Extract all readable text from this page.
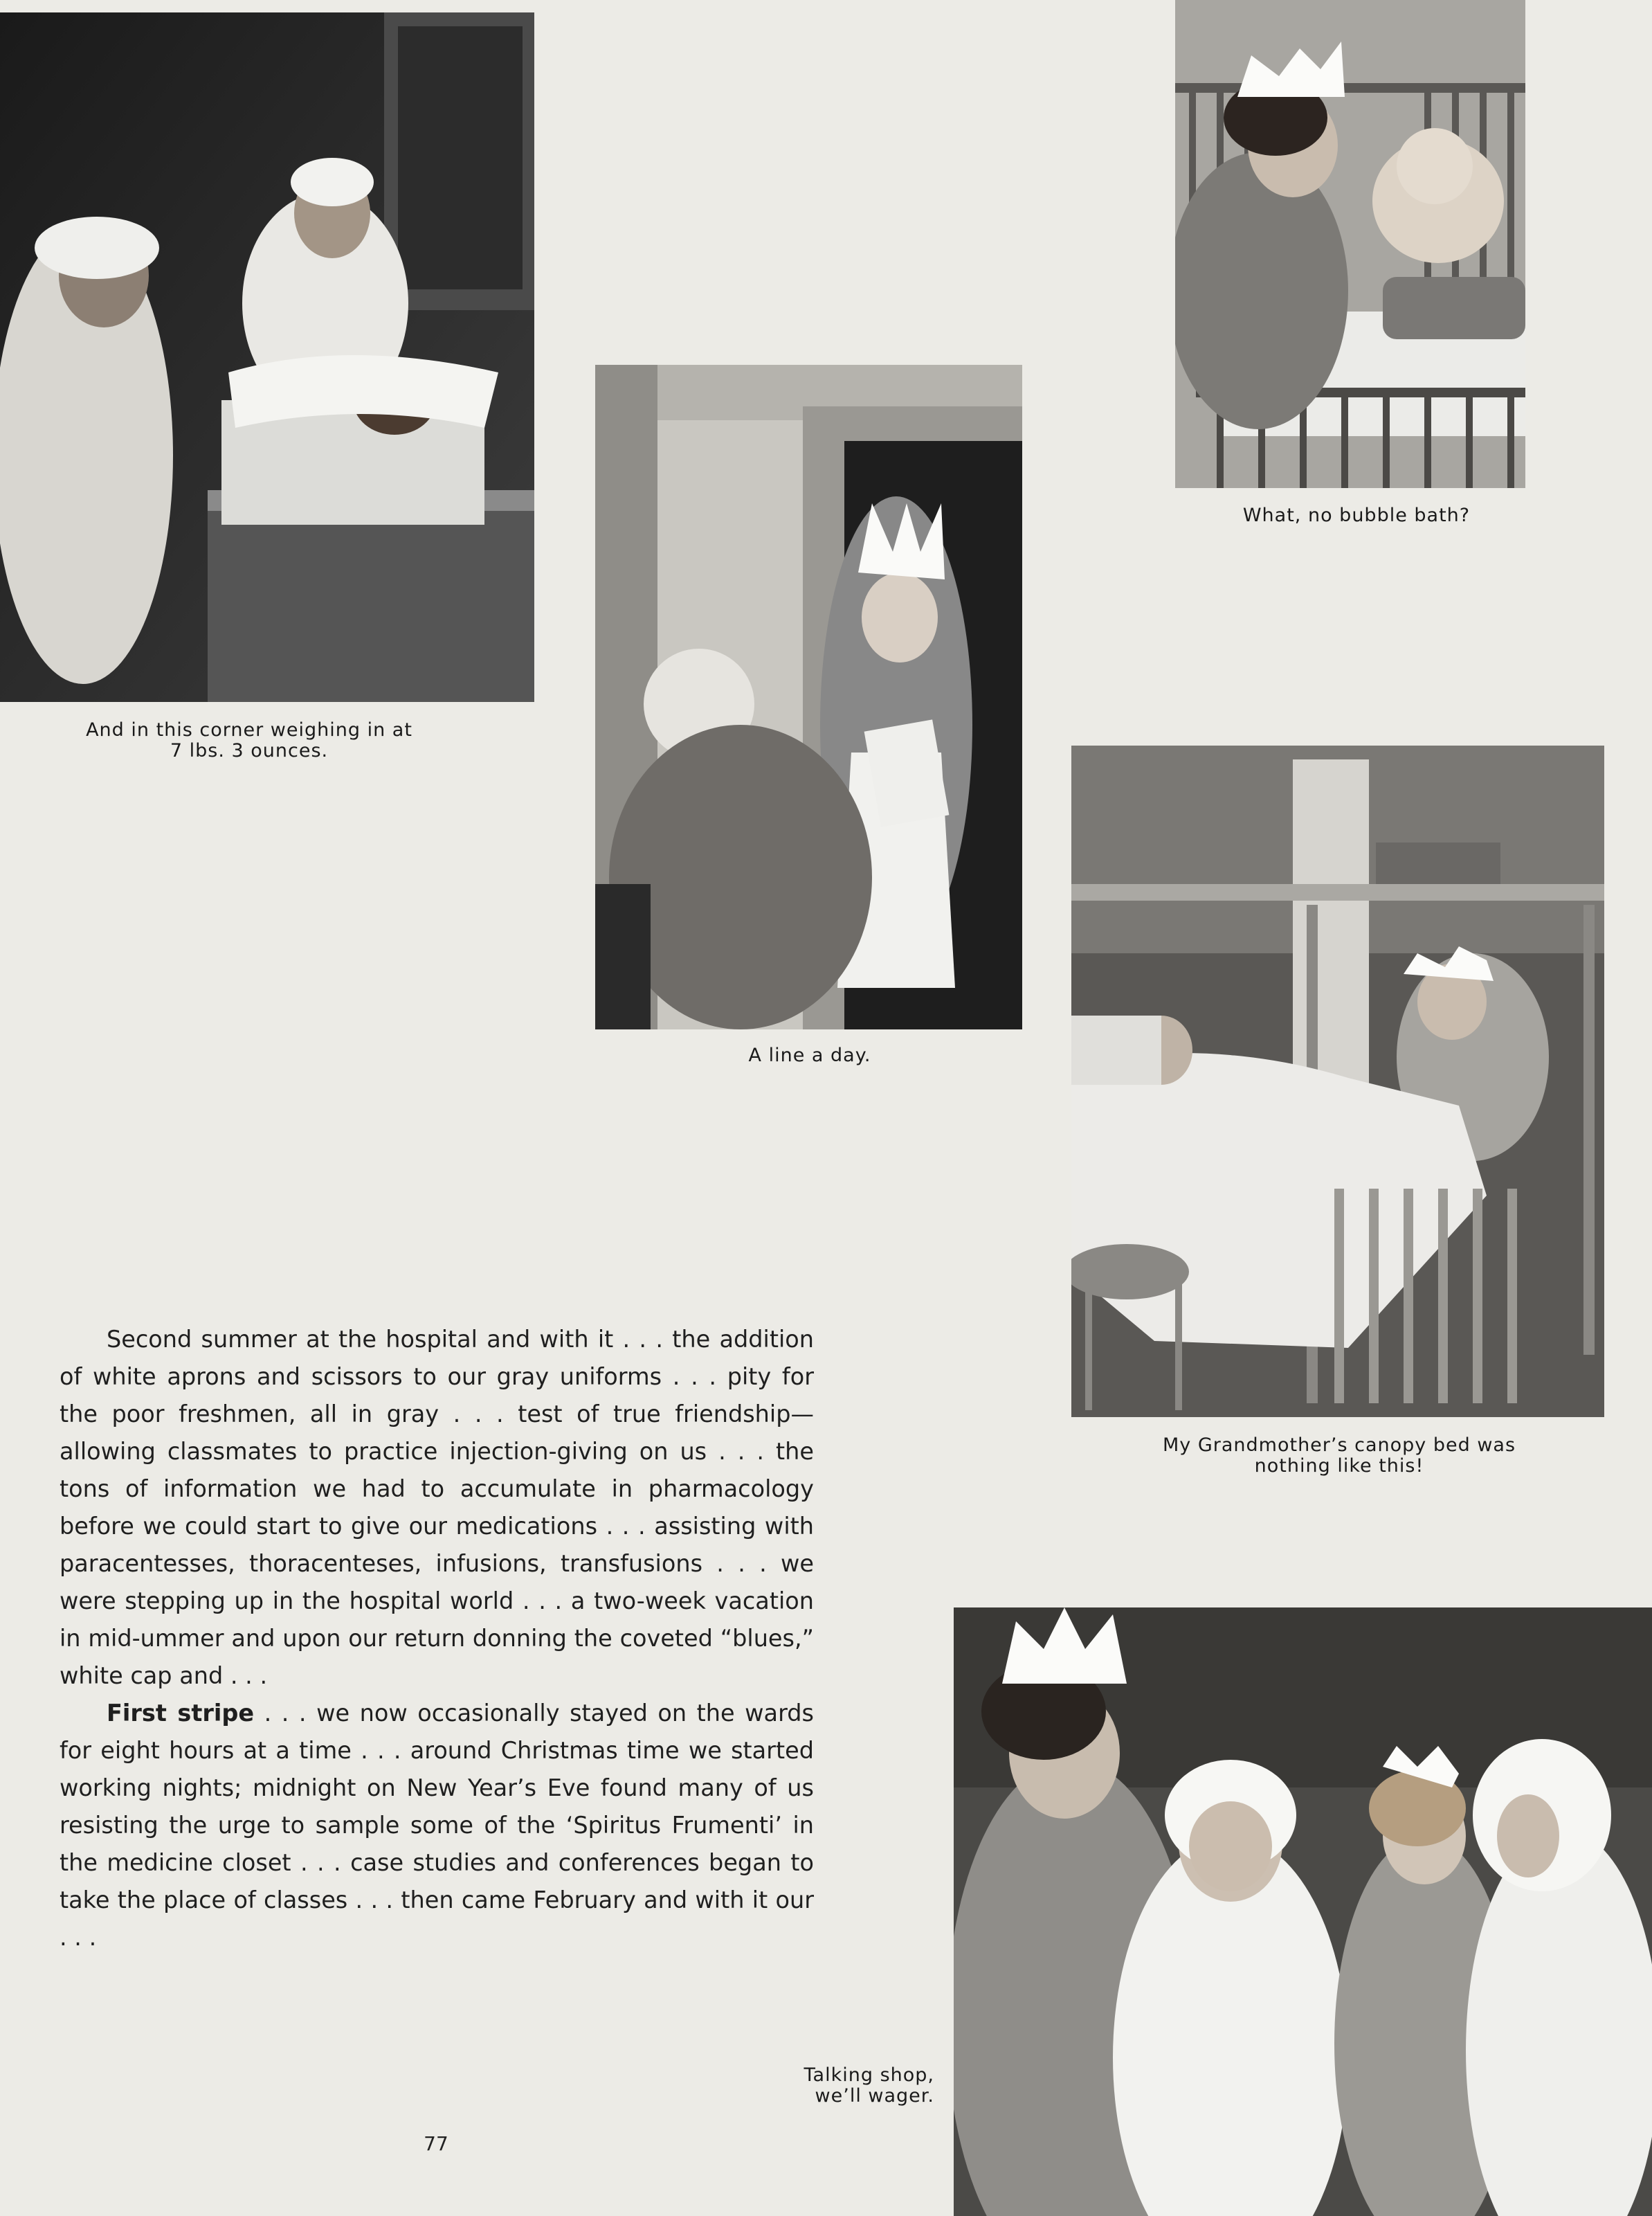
And in this corner weighing in at
7 lbs. 3 ounces.
A line a day.
What, no bubble bath?
My Grandmother’s canopy bed was
nothing like this!
Talking shop,
we’ll wager.

Second summer at the hospital and with it . . . the addition of white aprons and scissors to our gray uniforms . . . pity for the poor freshmen, all in gray . . . test of true friendship— allowing classmates to practice injection-giving on us . . . the tons of information we had to accumulate in pharmacology before we could start to give our medications . . . assisting with paracentesses, thoracenteses, infusions, transfusions . . . we were stepping up in the hospital world . . . a two-week vacation in mid-ummer and upon our return donning the coveted “blues,” white cap and . . .

First stripe . . . we now occasionally stayed on the wards for eight hours at a time . . . around Christmas time we started working nights; midnight on New Year’s Eve found many of us resisting the urge to sample some of the ‘Spiritus Frumenti’ in the medicine closet . . . case studies and conferences began to take the place of classes . . . then came February and with it our . . .

77
